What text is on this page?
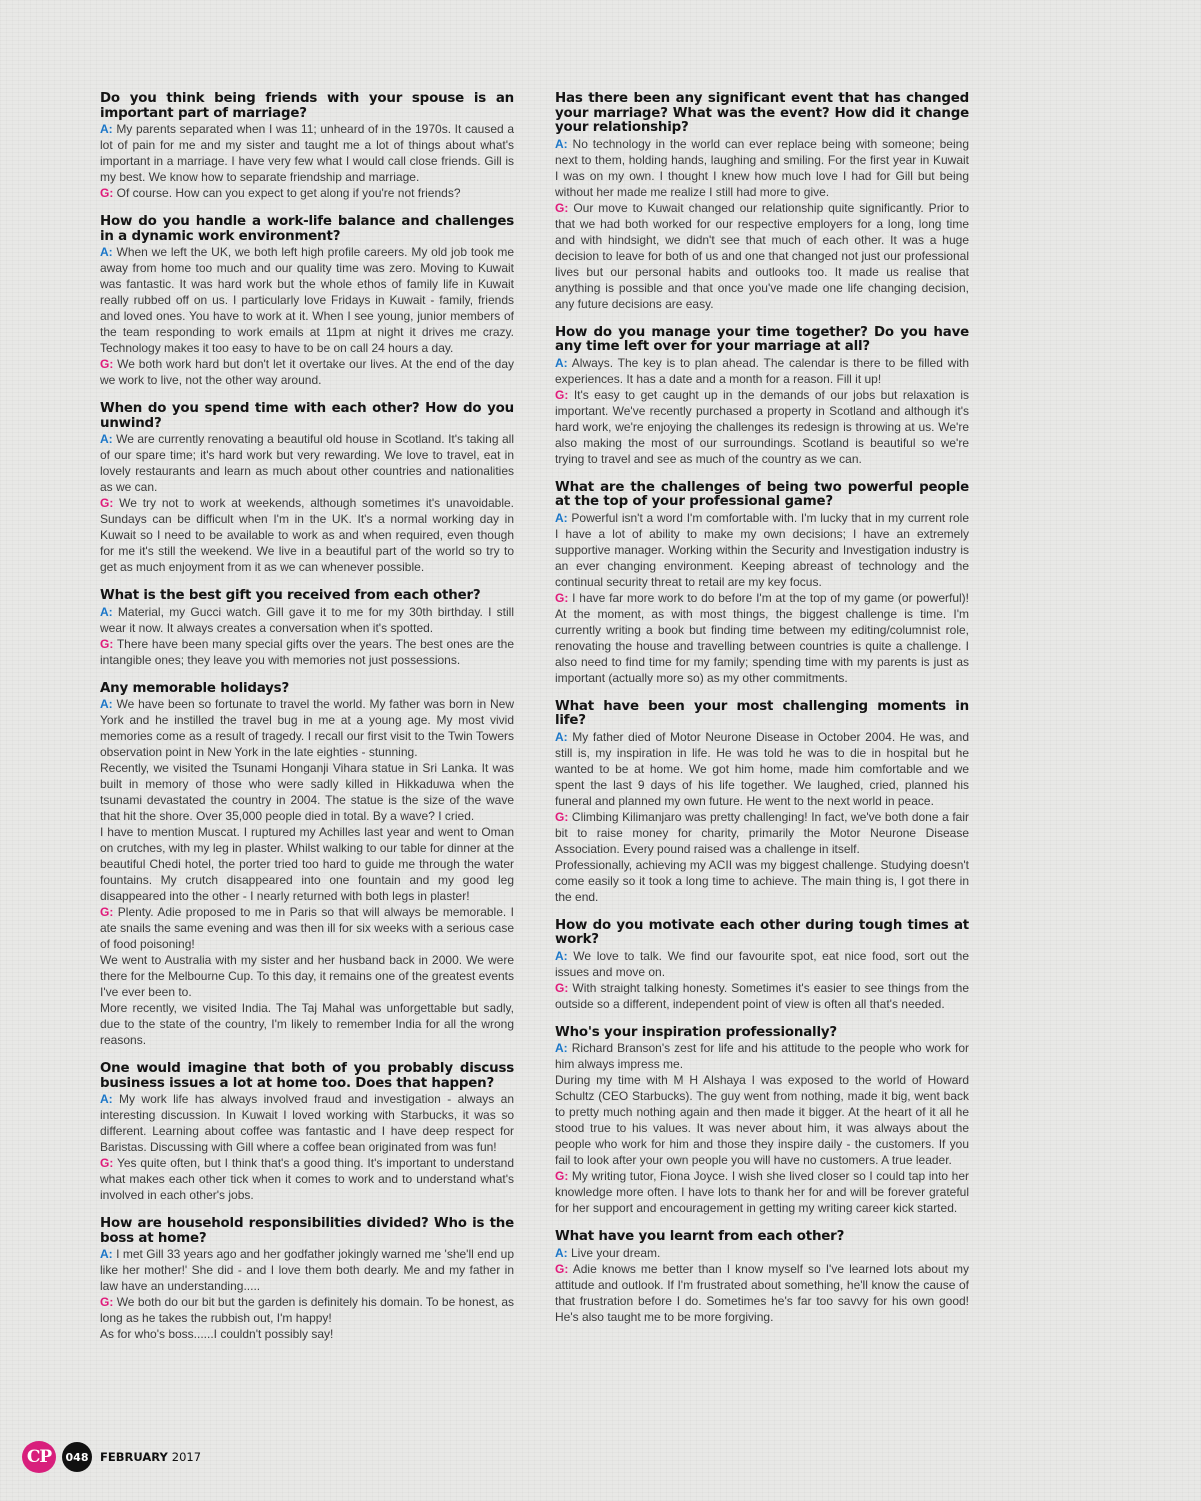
Do you think being friends with your spouse is an important part of marriage?

A: My parents separated when I was 11; unheard of in the 1970s. It caused a lot of pain for me and my sister and taught me a lot of things about what's important in a marriage. I have very few what I would call close friends. Gill is my best. We know how to separate friendship and marriage.

G: Of course. How can you expect to get along if you're not friends?

How do you handle a work-life balance and challenges in a dynamic work environment?

A: When we left the UK, we both left high profile careers. My old job took me away from home too much and our quality time was zero. Moving to Kuwait was fantastic. It was hard work but the whole ethos of family life in Kuwait really rubbed off on us. I particularly love Fridays in Kuwait - family, friends and loved ones. You have to work at it. When I see young, junior members of the team responding to work emails at 11pm at night it drives me crazy. Technology makes it too easy to have to be on call 24 hours a day.

G: We both work hard but don't let it overtake our lives. At the end of the day we work to live, not the other way around.

When do you spend time with each other? How do you unwind?

A: We are currently renovating a beautiful old house in Scotland. It's taking all of our spare time; it's hard work but very rewarding. We love to travel, eat in lovely restaurants and learn as much about other countries and nationalities as we can.

G: We try not to work at weekends, although sometimes it's unavoidable. Sundays can be difficult when I'm in the UK. It's a normal working day in Kuwait so I need to be available to work as and when required, even though for me it's still the weekend. We live in a beautiful part of the world so try to get as much enjoyment from it as we can whenever possible.

What is the best gift you received from each other?

A: Material, my Gucci watch. Gill gave it to me for my 30th birthday. I still wear it now. It always creates a conversation when it's spotted.

G: There have been many special gifts over the years. The best ones are the intangible ones; they leave you with memories not just possessions.

Any memorable holidays?

A: We have been so fortunate to travel the world. My father was born in New York and he instilled the travel bug in me at a young age. My most vivid memories come as a result of tragedy. I recall our first visit to the Twin Towers observation point in New York in the late eighties - stunning.

Recently, we visited the Tsunami Honganji Vihara statue in Sri Lanka. It was built in memory of those who were sadly killed in Hikkaduwa when the tsunami devastated the country in 2004. The statue is the size of the wave that hit the shore. Over 35,000 people died in total. By a wave? I cried.

I have to mention Muscat. I ruptured my Achilles last year and went to Oman on crutches, with my leg in plaster. Whilst walking to our table for dinner at the beautiful Chedi hotel, the porter tried too hard to guide me through the water fountains. My crutch disappeared into one fountain and my good leg disappeared into the other - I nearly returned with both legs in plaster!

G: Plenty. Adie proposed to me in Paris so that will always be memorable. I ate snails the same evening and was then ill for six weeks with a serious case of food poisoning!

We went to Australia with my sister and her husband back in 2000. We were there for the Melbourne Cup. To this day, it remains one of the greatest events I've ever been to.

More recently, we visited India. The Taj Mahal was unforgettable but sadly, due to the state of the country, I'm likely to remember India for all the wrong reasons.

One would imagine that both of you probably discuss business issues a lot at home too. Does that happen?

A: My work life has always involved fraud and investigation - always an interesting discussion. In Kuwait I loved working with Starbucks, it was so different. Learning about coffee was fantastic and I have deep respect for Baristas. Discussing with Gill where a coffee bean originated from was fun!

G: Yes quite often, but I think that's a good thing. It's important to understand what makes each other tick when it comes to work and to understand what's involved in each other's jobs.

How are household responsibilities divided? Who is the boss at home?

A: I met Gill 33 years ago and her godfather jokingly warned me 'she'll end up like her mother!' She did - and I love them both dearly. Me and my father in law have an understanding.....

G: We both do our bit but the garden is definitely his domain. To be honest, as long as he takes the rubbish out, I'm happy!

As for who's boss......I couldn't possibly say!

Has there been any significant event that has changed your marriage? What was the event? How did it change your relationship?

A: No technology in the world can ever replace being with someone; being next to them, holding hands, laughing and smiling. For the first year in Kuwait I was on my own. I thought I knew how much love I had for Gill but being without her made me realize I still had more to give.

G: Our move to Kuwait changed our relationship quite significantly. Prior to that we had both worked for our respective employers for a long, long time and with hindsight, we didn't see that much of each other. It was a huge decision to leave for both of us and one that changed not just our professional lives but our personal habits and outlooks too. It made us realise that anything is possible and that once you've made one life changing decision, any future decisions are easy.

How do you manage your time together? Do you have any time left over for your marriage at all?

A: Always. The key is to plan ahead. The calendar is there to be filled with experiences. It has a date and a month for a reason. Fill it up!

G: It's easy to get caught up in the demands of our jobs but relaxation is important. We've recently purchased a property in Scotland and although it's hard work, we're enjoying the challenges its redesign is throwing at us. We're also making the most of our surroundings. Scotland is beautiful so we're trying to travel and see as much of the country as we can.

What are the challenges of being two powerful people at the top of your professional game?

A: Powerful isn't a word I'm comfortable with. I'm lucky that in my current role I have a lot of ability to make my own decisions; I have an extremely supportive manager. Working within the Security and Investigation industry is an ever changing environment. Keeping abreast of technology and the continual security threat to retail are my key focus.

G: I have far more work to do before I'm at the top of my game (or powerful)! At the moment, as with most things, the biggest challenge is time. I'm currently writing a book but finding time between my editing/columnist role, renovating the house and travelling between countries is quite a challenge. I also need to find time for my family; spending time with my parents is just as important (actually more so) as my other commitments.

What have been your most challenging moments in life?

A: My father died of Motor Neurone Disease in October 2004. He was, and still is, my inspiration in life. He was told he was to die in hospital but he wanted to be at home. We got him home, made him comfortable and we spent the last 9 days of his life together. We laughed, cried, planned his funeral and planned my own future. He went to the next world in peace.

G: Climbing Kilimanjaro was pretty challenging! In fact, we've both done a fair bit to raise money for charity, primarily the Motor Neurone Disease Association. Every pound raised was a challenge in itself.

Professionally, achieving my ACII was my biggest challenge. Studying doesn't come easily so it took a long time to achieve. The main thing is, I got there in the end.

How do you motivate each other during tough times at work?

A: We love to talk. We find our favourite spot, eat nice food, sort out the issues and move on.

G: With straight talking honesty. Sometimes it's easier to see things from the outside so a different, independent point of view is often all that's needed.

Who's your inspiration professionally?

A: Richard Branson's zest for life and his attitude to the people who work for him always impress me.

During my time with M H Alshaya I was exposed to the world of Howard Schultz (CEO Starbucks). The guy went from nothing, made it big, went back to pretty much nothing again and then made it bigger. At the heart of it all he stood true to his values. It was never about him, it was always about the people who work for him and those they inspire daily - the customers. If you fail to look after your own people you will have no customers. A true leader.

G: My writing tutor, Fiona Joyce. I wish she lived closer so I could tap into her knowledge more often. I have lots to thank her for and will be forever grateful for her support and encouragement in getting my writing career kick started.

What have you learnt from each other?

A: Live your dream.

G: Adie knows me better than I know myself so I've learned lots about my attitude and outlook. If I'm frustrated about something, he'll know the cause of that frustration before I do. Sometimes he's far too savvy for his own good! He's also taught me to be more forgiving.

CP	048	FEBRUARY 2017
